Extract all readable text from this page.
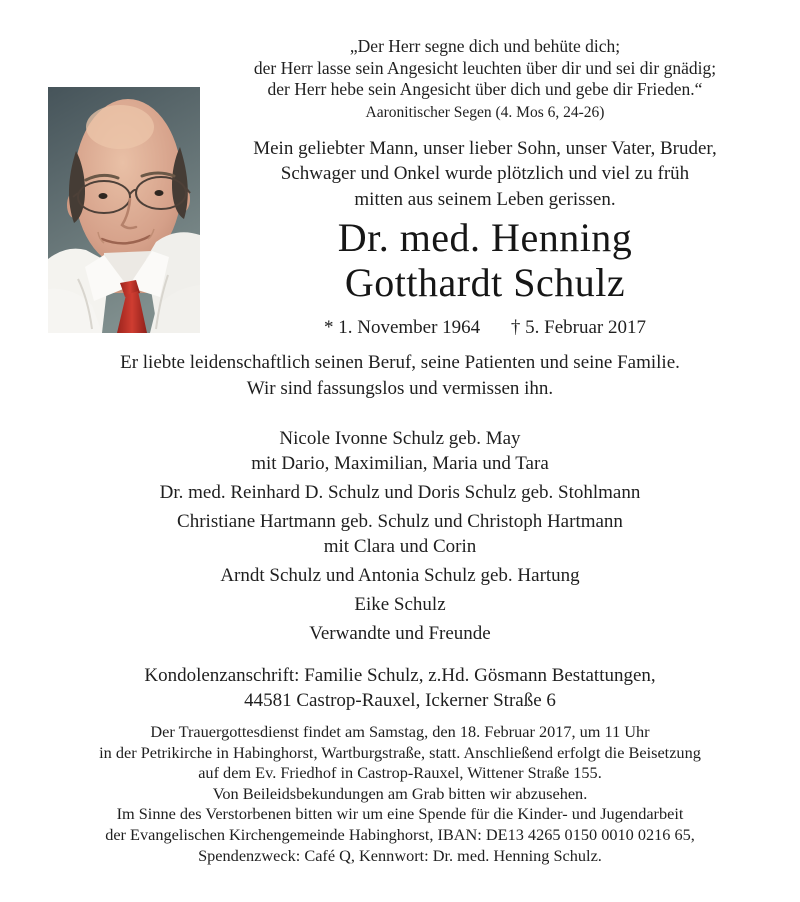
„Der Herr segne dich und behüte dich;
der Herr lasse sein Angesicht leuchten über dir und sei dir gnädig;
der Herr hebe sein Angesicht über dich und gebe dir Frieden.“
Aaronitischer Segen (4. Mos 6, 24-26)
Mein geliebter Mann, unser lieber Sohn, unser Vater, Bruder,
Schwager und Onkel wurde plötzlich und viel zu früh
mitten aus seinem Leben gerissen.
Dr. med. Henning
Gotthardt Schulz
* 1. November 1964 † 5. Februar 2017
Er liebte leidenschaftlich seinen Beruf, seine Patienten und seine Familie.
Wir sind fassungslos und vermissen ihn.
Nicole Ivonne Schulz geb. May
mit Dario, Maximilian, Maria und Tara
Dr. med. Reinhard D. Schulz und Doris Schulz geb. Stohlmann
Christiane Hartmann geb. Schulz und Christoph Hartmann
mit Clara und Corin
Arndt Schulz und Antonia Schulz geb. Hartung
Eike Schulz
Verwandte und Freunde
Kondolenzanschrift: Familie Schulz, z.Hd. Gösmann Bestattungen,
44581 Castrop-Rauxel, Ickerner Straße 6
Der Trauergottesdienst findet am Samstag, den 18. Februar 2017, um 11 Uhr
in der Petrikirche in Habinghorst, Wartburgstraße, statt. Anschließend erfolgt die Beisetzung
auf dem Ev. Friedhof in Castrop-Rauxel, Wittener Straße 155.
Von Beileidsbekundungen am Grab bitten wir abzusehen.
Im Sinne des Verstorbenen bitten wir um eine Spende für die Kinder- und Jugendarbeit
der Evangelischen Kirchengemeinde Habinghorst, IBAN: DE13 4265 0150 0010 0216 65,
Spendenzweck: Café Q, Kennwort: Dr. med. Henning Schulz.
